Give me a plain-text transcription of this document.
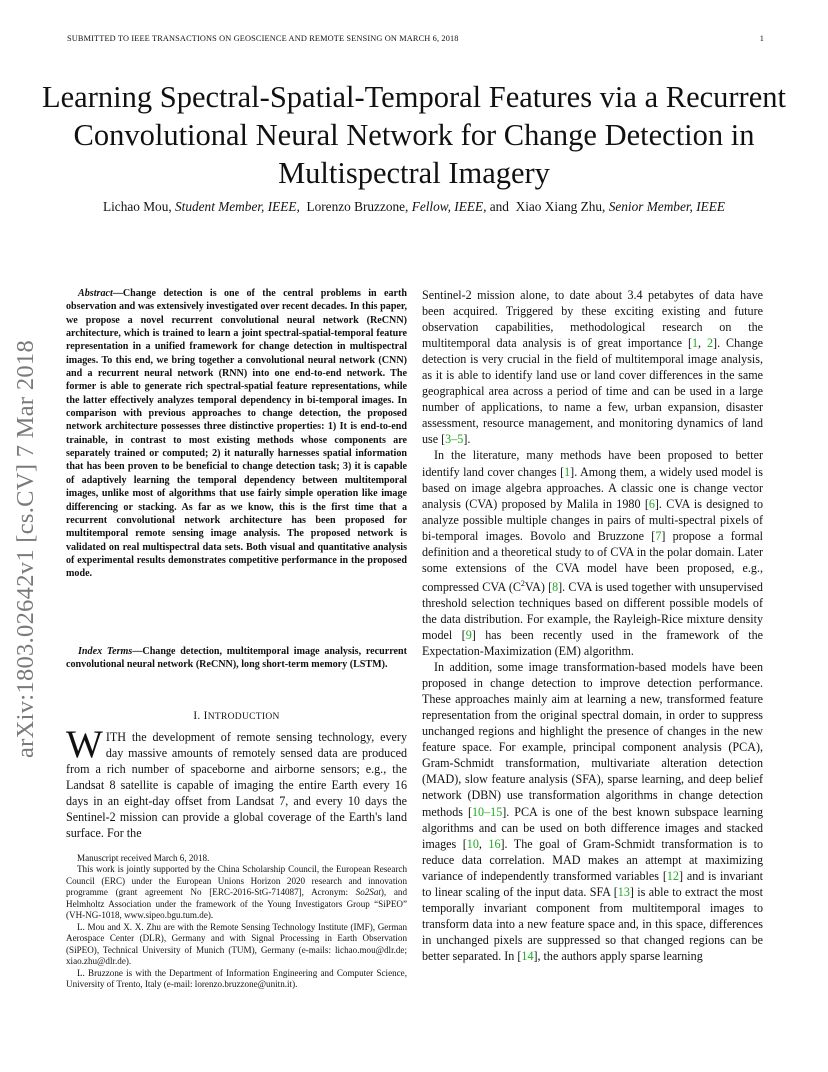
SUBMITTED TO IEEE TRANSACTIONS ON GEOSCIENCE AND REMOTE SENSING ON MARCH 6, 2018	1
Learning Spectral-Spatial-Temporal Features via a Recurrent Convolutional Neural Network for Change Detection in Multispectral Imagery
Lichao Mou, Student Member, IEEE, Lorenzo Bruzzone, Fellow, IEEE, and Xiao Xiang Zhu, Senior Member, IEEE
arXiv:1803.02642v1 [cs.CV] 7 Mar 2018

Abstract—Change detection is one of the central problems in earth observation and was extensively investigated over recent decades. In this paper, we propose a novel recurrent convolutional neural network (ReCNN) architecture, which is trained to learn a joint spectral-spatial-temporal feature representation in a unified framework for change detection in multispectral images. To this end, we bring together a convolutional neural network (CNN) and a recurrent neural network (RNN) into one end-to-end network. The former is able to generate rich spectral-spatial feature representations, while the latter effectively analyzes temporal dependency in bi-temporal images. In comparison with previous approaches to change detection, the proposed network architecture possesses three distinctive properties: 1) It is end-to-end trainable, in contrast to most existing methods whose components are separately trained or computed; 2) it naturally harnesses spatial information that has been proven to be beneficial to change detection task; 3) it is capable of adaptively learning the temporal dependency between multitemporal images, unlike most of algorithms that use fairly simple operation like image differencing or stacking. As far as we know, this is the first time that a recurrent convolutional network architecture has been proposed for multitemporal remote sensing image analysis. The proposed network is validated on real multispectral data sets. Both visual and quantitative analysis of experimental results demonstrates competitive performance in the proposed mode.

Index Terms—Change detection, multitemporal image analysis, recurrent convolutional neural network (ReCNN), long short-term memory (LSTM).

I. INTRODUCTION

WITH the development of remote sensing technology, every day massive amounts of remotely sensed data are produced from a rich number of spaceborne and airborne sensors; e.g., the Landsat 8 satellite is capable of imaging the entire Earth every 16 days in an eight-day offset from Landsat 7, and every 10 days the Sentinel-2 mission can provide a global coverage of the Earth's land surface. For the

Manuscript received March 6, 2018.

This work is jointly supported by the China Scholarship Council, the European Research Council (ERC) under the European Unions Horizon 2020 research and innovation programme (grant agreement No [ERC-2016-StG-714087], Acronym: So2Sat), and Helmholtz Association under the framework of the Young Investigators Group “SiPEO” (VH-NG-1018, www.sipeo.bgu.tum.de).

L. Mou and X. X. Zhu are with the Remote Sensing Technology Institute (IMF), German Aerospace Center (DLR), Germany and with Signal Processing in Earth Observation (SiPEO), Technical University of Munich (TUM), Germany (e-mails: lichao.mou@dlr.de; xiao.zhu@dlr.de).

L. Bruzzone is with the Department of Information Engineering and Computer Science, University of Trento, Italy (e-mail: lorenzo.bruzzone@unitn.it).

Sentinel-2 mission alone, to date about 3.4 petabytes of data have been acquired. Triggered by these exciting existing and future observation capabilities, methodological research on the multitemporal data analysis is of great importance [1, 2]. Change detection is very crucial in the field of multitemporal image analysis, as it is able to identify land use or land cover differences in the same geographical area across a period of time and can be used in a large number of applications, to name a few, urban expansion, disaster assessment, resource management, and monitoring dynamics of land use [3–5].

In the literature, many methods have been proposed to better identify land cover changes [1]. Among them, a widely used model is based on image algebra approaches. A classic one is change vector analysis (CVA) proposed by Malila in 1980 [6]. CVA is designed to analyze possible multiple changes in pairs of multi-spectral pixels of bi-temporal images. Bovolo and Bruzzone [7] propose a formal definition and a theoretical study to of CVA in the polar domain. Later some extensions of the CVA model have been proposed, e.g., compressed CVA $(C^2VA)$ [8]. CVA is used together with unsupervised threshold selection techniques based on different possible models of the data distribution. For example, the Rayleigh-Rice mixture density model [9] has been recently used in the framework of the Expectation-Maximization (EM) algorithm.

In addition, some image transformation-based models have been proposed in change detection to improve detection performance. These approaches mainly aim at learning a new, transformed feature representation from the original spectral domain, in order to suppress unchanged regions and highlight the presence of changes in the new feature space. For example, principal component analysis (PCA), Gram-Schmidt transformation, multivariate alteration detection (MAD), slow feature analysis (SFA), sparse learning, and deep belief network (DBN) use transformation algorithms in change detection methods [10–15]. PCA is one of the best known subspace learning algorithms and can be used on both difference images and stacked images [10, 16]. The goal of Gram-Schmidt transformation is to reduce data correlation. MAD makes an attempt at maximizing variance of independently transformed variables [12] and is invariant to linear scaling of the input data. SFA [13] is able to extract the most temporally invariant component from multitemporal images to transform data into a new feature space and, in this space, differences in unchanged pixels are suppressed so that changed regions can be better separated. In [14], the authors apply sparse learning
